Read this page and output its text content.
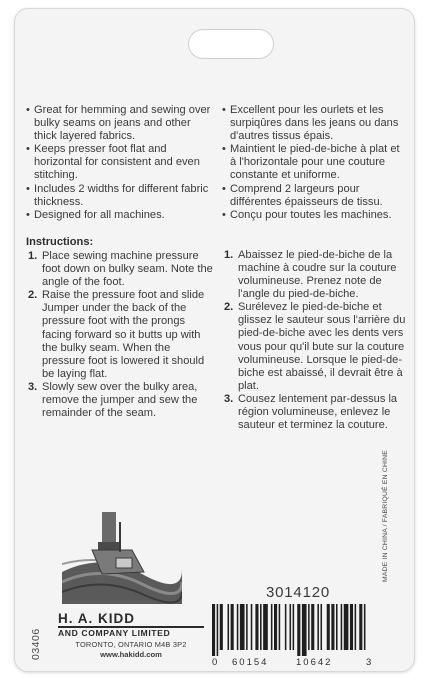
• Great for hemming and sewing over bulky seams on jeans and other thick layered fabrics.
• Keeps presser foot flat and horizontal for consistent and even stitching.
• Includes 2 widths for different fabric thickness.
• Designed for all machines.
Instructions:
1. Place sewing machine pressure foot down on bulky seam. Note the angle of the foot.
2. Raise the pressure foot and slide Jumper under the back of the pressure foot with the prongs facing forward so it butts up with the bulky seam. When the pressure foot is lowered it should be laying flat.
3. Slowly sew over the bulky area, remove the jumper and sew the remainder of the seam.
• Excellent pour les ourlets et les surpiqûres dans les jeans ou dans d'autres tissus épais.
• Maintient le pied-de-biche à plat et à l'horizontale pour une couture constante et uniforme.
• Comprend 2 largeurs pour différentes épaisseurs de tissu.
• Conçu pour toutes les machines.
1. Abaissez le pied-de-biche de la machine à coudre sur la couture volumineuse. Prenez note de l'angle du pied-de-biche.
2. Surélevez le pied-de-biche et glissez le sauteur sous l'arrière du pied-de-biche avec les dents vers vous pour qu'il bute sur la couture volumineuse. Lorsque le pied-de-biche est abaissé, il devrait être à plat.
3. Cousez lentement par-dessus la région volumineuse, enlevez le sauteur et terminez la couture.
03406
H. A. KIDD
AND COMPANY LIMITED
TORONTO, ONTARIO M4B 3P2
www.hakidd.com
3014120
0 60154	10642	3
MADE IN CHINA / FABRIQUÉ EN CHINE
